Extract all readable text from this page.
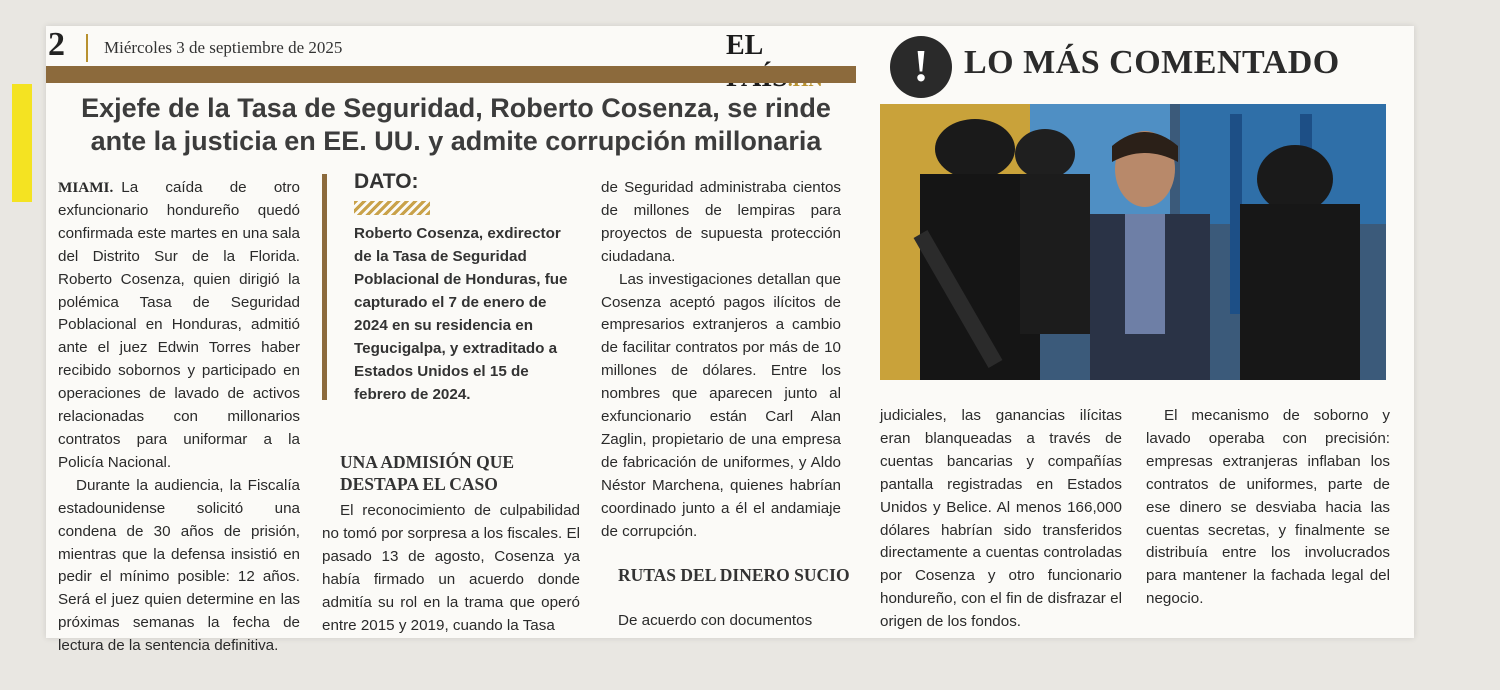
2 Miércoles 3 de septiembre de 2025	EL
Exjefe de la Tasa de Seguridad, Roberto Cosenza, se rinde
ante la justicia en EE. UU. y admite corrupción millonaria

MIAMI. La caída de otro exfuncionario hondureño quedó confirmada este martes en una sala del Distrito Sur de la Florida. Roberto Cosenza, quien dirigió la polémica Tasa de Seguridad Poblacional en Honduras, admitió ante el juez Edwin Torres haber recibido sobornos y participado en operaciones de lavado de activos relacionadas con millonarios contratos para uniformar a la Policía Nacional.

Durante la audiencia, la Fiscalía estadounidense solicitó una condena de 30 años de prisión, mientras que la defensa insistió en pedir el mínimo posible: 12 años. Será el juez quien determine en las próximas semanas la fecha de lectura de la sentencia definitiva.

DATO:
Roberto Cosenza, exdirector de la Tasa de Seguridad Poblacional de Honduras, fue capturado el 7 de enero de 2024 en su residencia en Tegucigalpa, y extraditado a Estados Unidos el 15 de febrero de 2024.
UNA ADMISIÓN QUE DESTAPA EL CASO

El reconocimiento de culpabilidad no tomó por sorpresa a los fiscales. El pasado 13 de agosto, Cosenza ya había firmado un acuerdo donde admitía su rol en la trama que operó entre 2015 y 2019, cuando la Tasa

de Seguridad administraba cientos de millones de lempiras para proyectos de supuesta protección ciudadana.

Las investigaciones detallan que Cosenza aceptó pagos ilícitos de empresarios extranjeros a cambio de facilitar contratos por más de 10 millones de dólares. Entre los nombres que aparecen junto al exfuncionario están Carl Alan Zaglin, propietario de una empresa de fabricación de uniformes, y Aldo Néstor Marchena, quienes habrían coordinado junto a él el andamiaje de corrupción.

RUTAS DEL DINERO SUCIO

De acuerdo con documentos

!	LO MÁS COMENTADO

judiciales, las ganancias ilícitas eran blanqueadas a través de cuentas bancarias y compañías pantalla registradas en Estados Unidos y Belice. Al menos 166,000 dólares habrían sido transferidos directamente a cuentas controladas por Cosenza y otro funcionario hondureño, con el fin de disfrazar el origen de los fondos.

El mecanismo de soborno y lavado operaba con precisión: empresas extranjeras inflaban los contratos de uniformes, parte de ese dinero se desviaba hacia las cuentas secretas, y finalmente se distribuía entre los involucrados para mantener la fachada legal del negocio.
